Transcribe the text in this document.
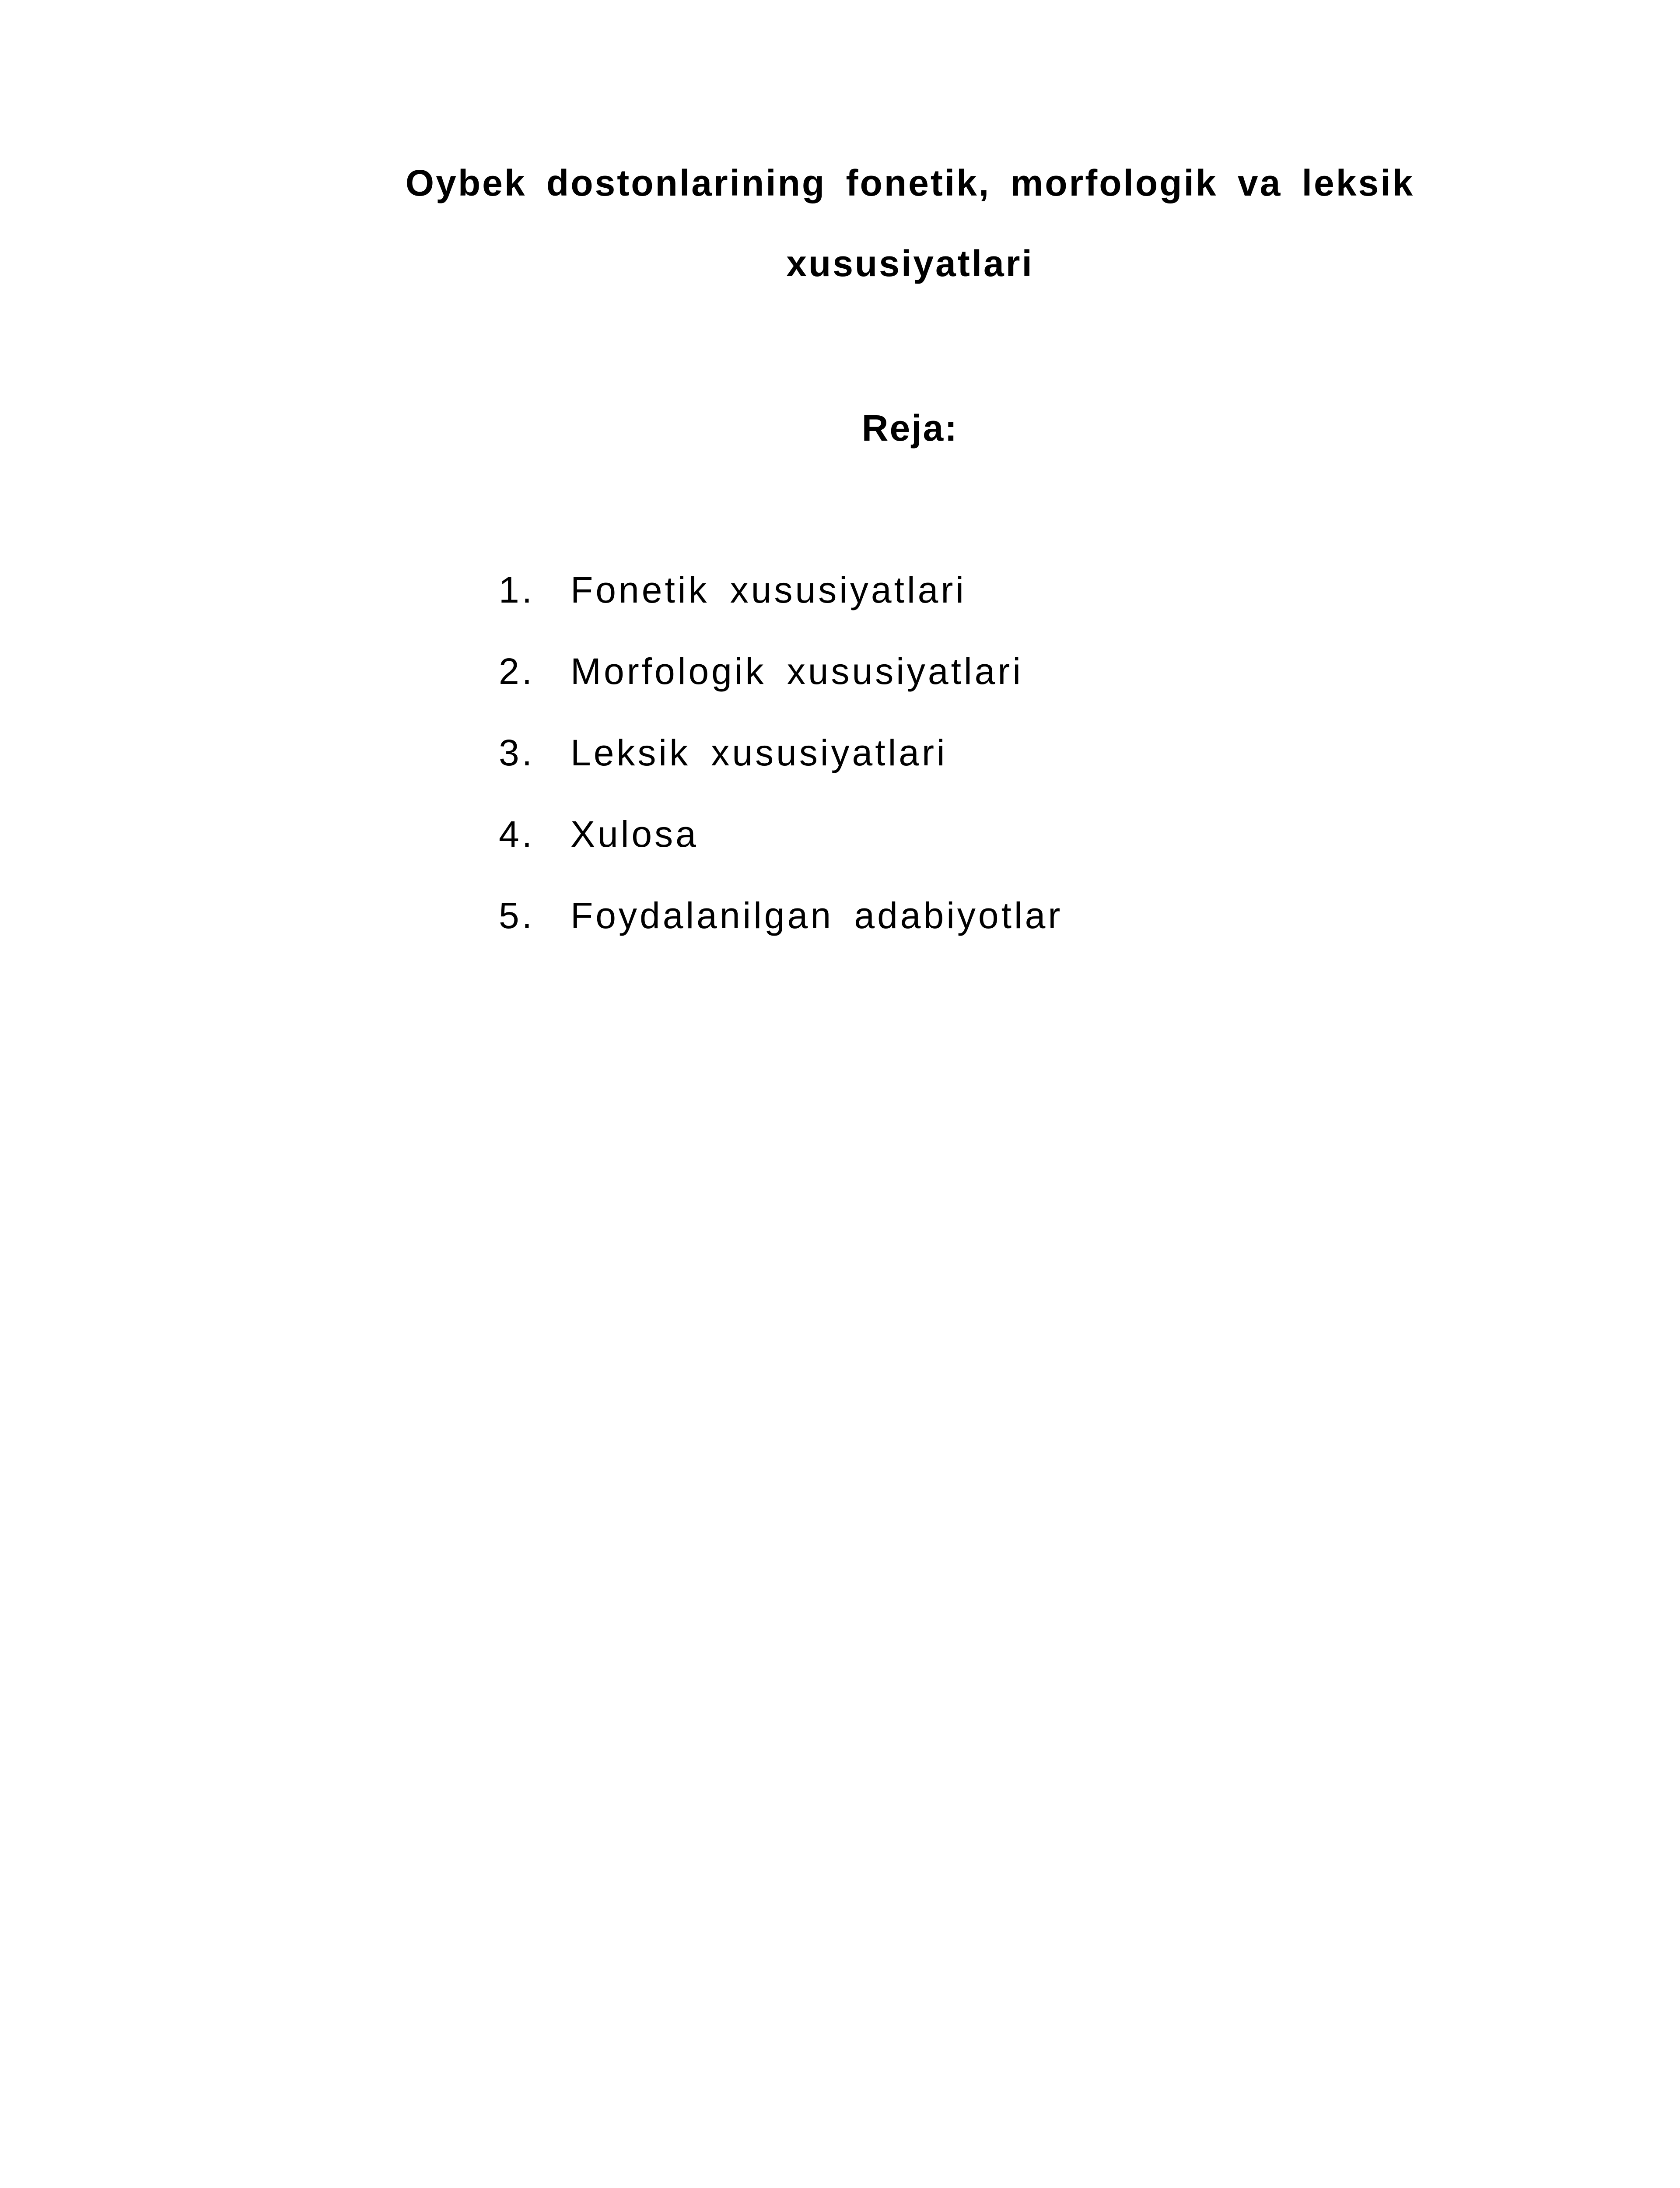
Oybek dostonlarining fonetik, morfologik va leksik
xususiyatlari
Reja:
1. Fonetik xususiyatlari
2. Morfologik xususiyatlari
3. Leksik xususiyatlari
4. Xulosa
5. Foydalanilgan adabiyotlar
